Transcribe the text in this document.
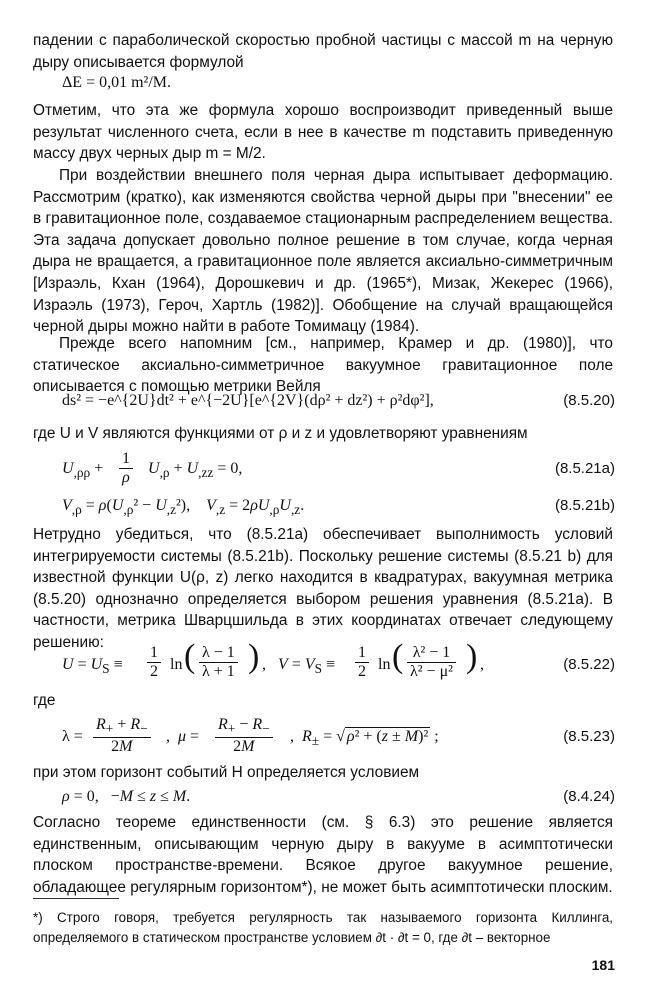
падении с параболической скоростью пробной частицы с массой m на черную дыру описывается формулой
ΔE = 0,01 m²/M.
Отметим, что эта же формула хорошо воспроизводит приведенный выше результат численного счета, если в нее в качестве m подставить приведенную массу двух черных дыр m = M/2.
При воздействии внешнего поля черная дыра испытывает деформацию. Рассмотрим (кратко), как изменяются свойства черной дыры при "внесении" ее в гравитационное поле, создаваемое стационарным распределением вещества. Эта задача допускает довольно полное решение в том случае, когда черная дыра не вращается, а гравитационное поле является аксиально-симметричным [Израэль, Кхан (1964), Дорошкевич и др. (1965*), Мизак, Жекерес (1966), Израэль (1973), Героч, Хартль (1982)]. Обобщение на случай вращающейся черной дыры можно найти в работе Томимацу (1984).
Прежде всего напомним [см., например, Крамер и др. (1980)], что статическое аксиально-симметричное вакуумное гравитационное поле описывается с помощью метрики Вейля
ds² = −e^{2U}dt² + e^{−2U}[e^{2V}(dρ² + dz²) + ρ²dφ²],	(8.5.20)
где U и V являются функциями от ρ и z и удовлетворяют уравнениям
$U_{,\rho\rho} + \frac{1}{\rho} U_{,\rho} + U_{,zz} = 0$,	(8.5.21a)
$V_{,\rho} = \rho(U_{,\rho}^2 - U_{,z}^2)$,    $V_{,z} = 2\rho U_{,\rho}U_{,z}$.	(8.5.21b)
Нетрудно убедиться, что (8.5.21a) обеспечивает выполнимость условий интегрируемости системы (8.5.21b). Поскольку решение системы (8.5.21 b) для известной функции U(ρ, z) легко находится в квадратурах, вакуумная метрика (8.5.20) однозначно определяется выбором решения уравнения (8.5.21a). В частности, метрика Шварцшильда в этих координатах отвечает следующему решению:
$U = U_S \equiv \frac{1}{2}$ ln ( $\frac{\lambda - 1}{\lambda + 1}$ ) ,   $V = V_S \equiv \frac{1}{2}$ ln ( $\frac{\text{λ² − 1}}{\text{λ² − μ²}}$ ) ,	(8.5.22)
где
$\lambda = \frac{R_+ + R_-}{2M}$ ,  $\mu = \frac{R_+ - R_-}{2M}$ ,  $R_\pm$ = √ ρ² + (z ± M)² ;	(8.5.23)
при этом горизонт событий H определяется условием
ρ = 0,   −M ≤ z ≤ M.	(8.4.24)
Согласно теореме единственности (см. § 6.3) это решение является единственным, описывающим черную дыру в вакууме в асимптотически плоском пространстве-времени. Всякое другое вакуумное решение, обладающее регулярным горизонтом*), не может быть асимптотически плоским.
*) Строго говоря, требуется регулярность так называемого горизонта Киллинга, определяемого в статическом пространстве условием ∂t · ∂t = 0, где ∂t – векторное
181
